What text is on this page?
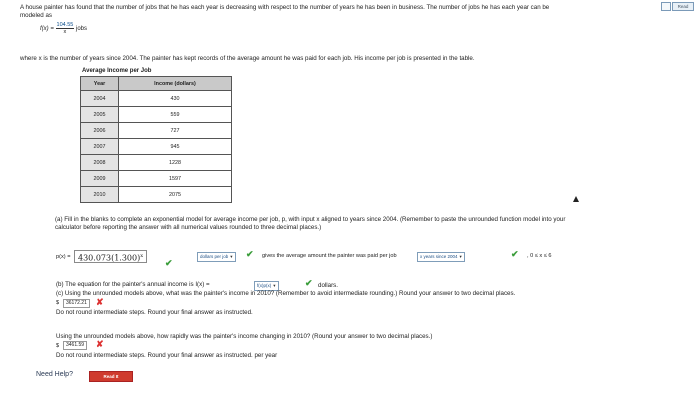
Read
A house painter has found that the number of jobs that he has each year is decreasing with respect to the number of years he has been in business. The number of jobs he has each year can be
modeled as
$f(x) = \frac{104.55}{x}$ jobs
where x is the number of years since 2004. The painter has kept records of the average amount he was paid for each job. His income per job is presented in the table.
Average Income per Job
Year	Income (dollars)
2004	430
2005	559
2006	727
2007	945
2008	1228
2009	1597
2010	2075
(a) Fill in the blanks to complete an exponential model for average income per job, p, with input x aligned to years since 2004. (Remember to paste the unrounded function model into your
calculator before reporting the answer with all numerical values rounded to three decimal places.)
$p(x) = 430.073(1.300)^x$
✔
dollars per job ▾	✔ gives the average amount the painter was paid per job	x years since 2004 ▾	✔ , 0 ≤ x ≤ 6
(b) The equation for the painter's annual income is I(x) =	f(x)p(x) ▾	✔ dollars.
(c) Using the unrounded models above, what was the painter's income in 2010? (Remember to avoid intermediate rounding.) Round your answer to two decimal places.
$	36172.21	✘
Do not round intermediate steps. Round your final answer as instructed.
Using the unrounded models above, how rapidly was the painter's income changing in 2010? (Round your answer to two decimal places.)
$	3461.59	✘
Do not round intermediate steps. Round your final answer as instructed. per year
Need Help?	Read It
